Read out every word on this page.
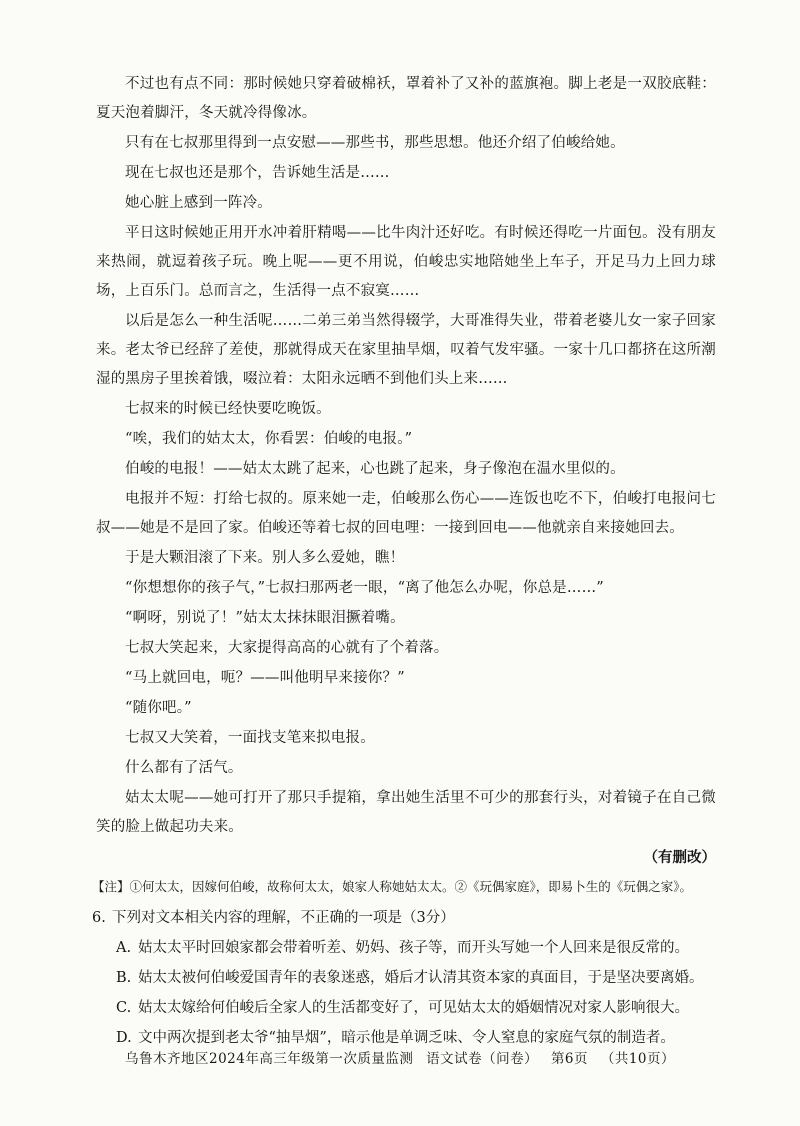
不过也有点不同：那时候她只穿着破棉袄，罩着补了又补的蓝旗袍。脚上老是一双胶底鞋：夏天泡着脚汗，冬天就冷得像冰。

只有在七叔那里得到一点安慰——那些书，那些思想。他还介绍了伯峻给她。

现在七叔也还是那个，告诉她生活是……

她心脏上感到一阵冷。

平日这时候她正用开水冲着肝精喝——比牛肉汁还好吃。有时候还得吃一片面包。没有朋友来热闹，就逗着孩子玩。晚上呢——更不用说，伯峻忠实地陪她坐上车子，开足马力上回力球场，上百乐门。总而言之，生活得一点不寂寞……

以后是怎么一种生活呢……二弟三弟当然得辍学，大哥准得失业，带着老婆儿女一家子回家来。老太爷已经辞了差使，那就得成天在家里抽旱烟，叹着气发牢骚。一家十几口都挤在这所潮湿的黑房子里挨着饿，啜泣着：太阳永远晒不到他们头上来……

七叔来的时候已经快要吃晚饭。

“唉，我们的姑太太，你看罢：伯峻的电报。”

伯峻的电报！——姑太太跳了起来，心也跳了起来，身子像泡在温水里似的。

电报并不短：打给七叔的。原来她一走，伯峻那么伤心——连饭也吃不下，伯峻打电报问七叔——她是不是回了家。伯峻还等着七叔的回电哩：一接到回电——他就亲自来接她回去。

于是大颗泪滚了下来。别人多么爱她，瞧！

“你想想你的孩子气，”七叔扫那两老一眼，“离了他怎么办呢，你总是……”

“啊呀，别说了！”姑太太抹抹眼泪撅着嘴。

七叔大笑起来，大家提得高高的心就有了个着落。

“马上就回电，呃？——叫他明早来接你？”

“随你吧。”

七叔又大笑着，一面找支笔来拟电报。

什么都有了活气。

姑太太呢——她可打开了那只手提箱，拿出她生活里不可少的那套行头，对着镜子在自己微笑的脸上做起功夫来。

（有删改）

【注】①何太太，因嫁何伯峻，故称何太太，娘家人称她姑太太。②《玩偶家庭》，即易卜生的《玩偶之家》。

6. 下列对文本相关内容的理解，不正确的一项是（3分）

A. 姑太太平时回娘家都会带着听差、奶妈、孩子等，而开头写她一个人回来是很反常的。

B. 姑太太被何伯峻爱国青年的表象迷惑，婚后才认清其资本家的真面目，于是坚决要离婚。

C. 姑太太嫁给何伯峻后全家人的生活都变好了，可见姑太太的婚姻情况对家人影响很大。

D. 文中两次提到老太爷“抽旱烟”，暗示他是单调乏味、令人窒息的家庭气氛的制造者。

乌鲁木齐地区2024年高三年级第一次质量监测 语文试卷（问卷） 第6页 （共10页）
